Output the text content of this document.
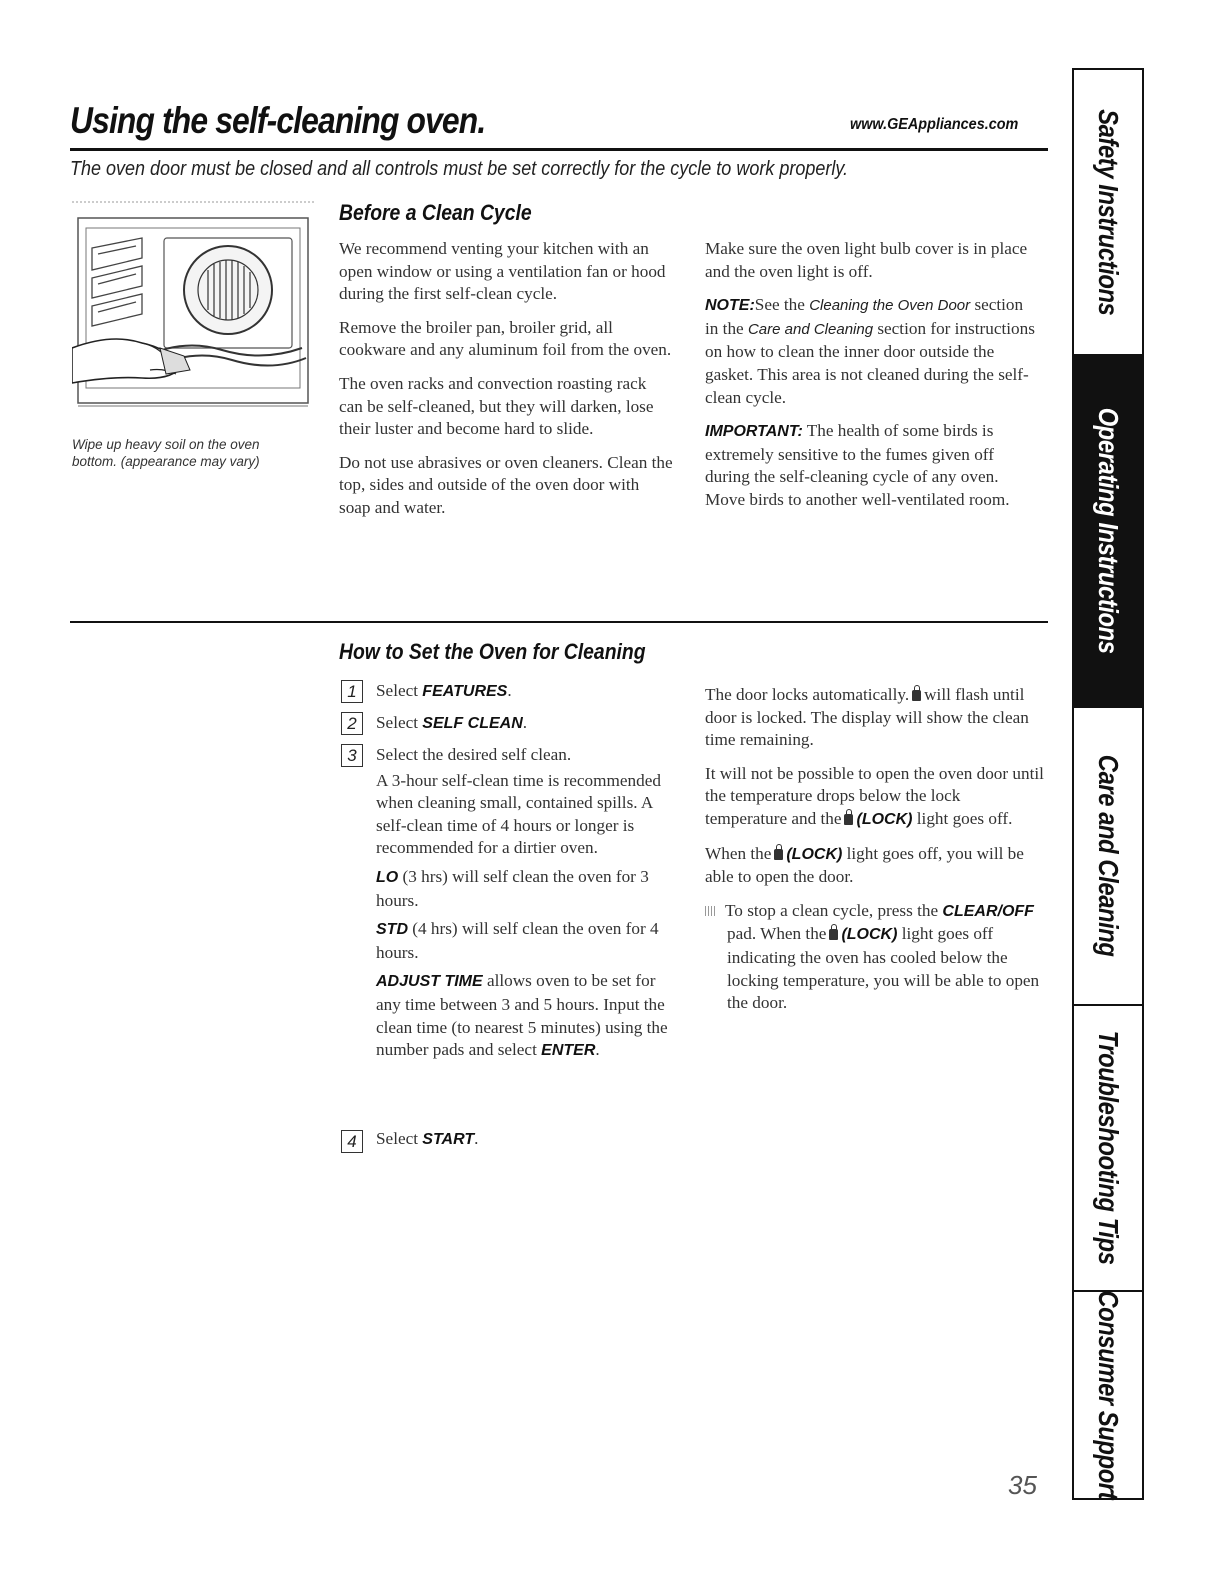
Using the self-cleaning oven.	www.GEAppliances.com
The oven door must be closed and all controls must be set correctly for the cycle to work properly.
Wipe up heavy soil on the oven bottom. (appearance may vary)
Before a Clean Cycle

We recommend venting your kitchen with an open window or using a ventilation fan or hood during the first self-clean cycle.

Remove the broiler pan, broiler grid, all cookware and any aluminum foil from the oven.

The oven racks and convection roasting rack can be self-cleaned, but they will darken, lose their luster and become hard to slide.

Do not use abrasives or oven cleaners. Clean the top, sides and outside of the oven door with soap and water.

Make sure the oven light bulb cover is in place and the oven light is off.

NOTE:See the Cleaning the Oven Door section in the Care and Cleaning section for instructions on how to clean the inner door outside the gasket. This area is not cleaned during the self-clean cycle.

IMPORTANT: The health of some birds is extremely sensitive to the fumes given off during the self-cleaning cycle of any oven. Move birds to another well-ventilated room.

How to Set the Oven for Cleaning
1	Select FEATURES.

2	Select SELF CLEAN.

3	Select the desired self clean.

A 3-hour self-clean time is recommended when cleaning small, contained spills. A self-clean time of 4 hours or longer is recommended for a dirtier oven.

LO (3 hrs) will self clean the oven for 3 hours.

STD (4 hrs) will self clean the oven for 4 hours.

ADJUST TIME allows oven to be set for any time between 3 and 5 hours. Input the clean time (to nearest 5 minutes) using the number pads and select ENTER.

4	Select START.

The door locks automatically. will flash until door is locked. The display will show the clean time remaining.

It will not be possible to open the oven door until the temperature drops below the lock temperature and the (LOCK) light goes off.

When the (LOCK) light goes off, you will be able to open the door.

To stop a clean cycle, press the CLEAR/OFF pad. When the (LOCK) light goes off indicating the oven has cooled below the locking temperature, you will be able to open the door.

Safety Instructions
Operating Instructions
Care and Cleaning
Troubleshooting Tips
Consumer Support
35
